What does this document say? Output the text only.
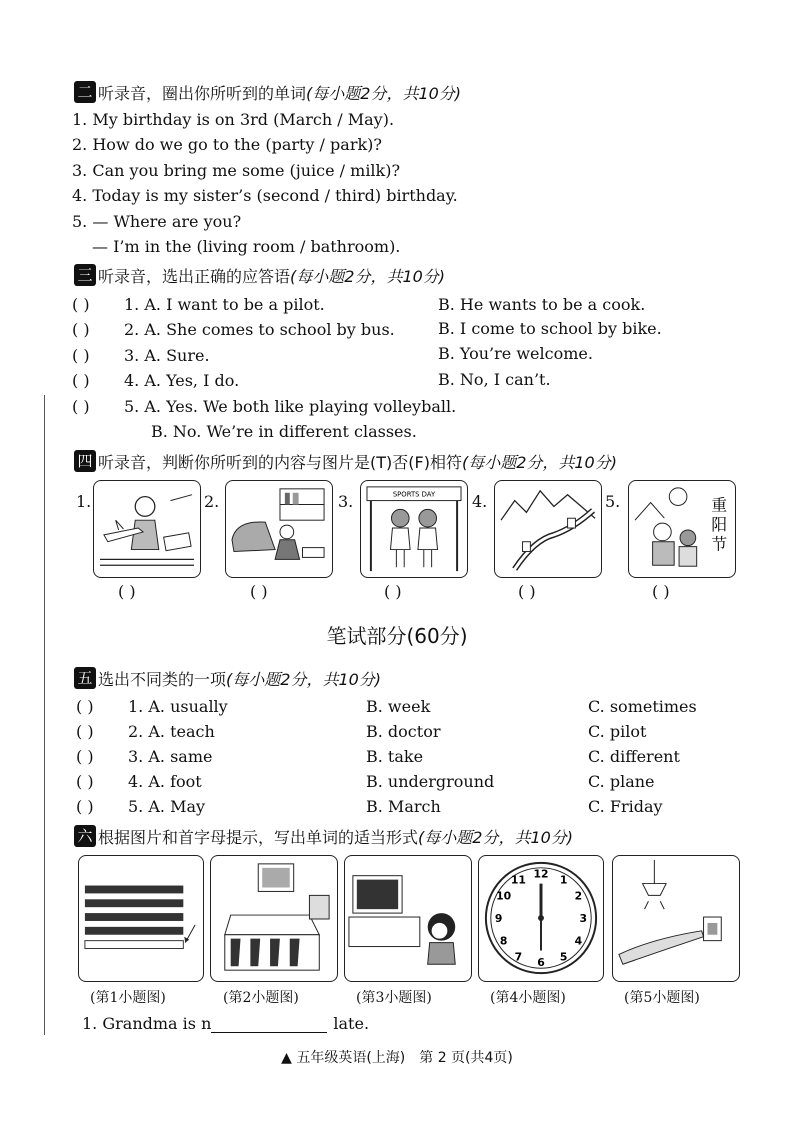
二 听录音，圈出你所听到的单词 (每小题2分，共10分)
1. My birthday is on 3rd (March / May).
2. How do we go to the (party / park)?
3. Can you bring me some (juice / milk)?
4. Today is my sister’s (second / third) birthday.
5. — Where are you?
— I’m in the (living room / bathroom).
三 听录音，选出正确的应答语 (每小题2分，共10分)
( ) 1. A. I want to be a pilot.	B. He wants to be a cook.
( ) 2. A. She comes to school by bus.	B. I come to school by bike.
( ) 3. A. Sure.	B. You’re welcome.
( ) 4. A. Yes, I do.	B. No, I can’t.
( ) 5. A. Yes. We both like playing volleyball.
B. No. We’re in different classes.
四 听录音，判断你所听到的内容与图片是(T)否(F)相符 (每小题2分，共10分)
1.	2.	3.	SPORTS DAY 4.	5.	重
阳
节
( )	( )	( )	( )	( )
笔试部分(60分)
五 选出不同类的一项 (每小题2分，共10分)
( ) 1. A. usually	B. week	C. sometimes
( ) 2. A. teach	B. doctor	C. pilot
( ) 3. A. same	B. take	C. different
( ) 4. A. foot	B. underground	C. plane
( ) 5. A. May	B. March	C. Friday
六 根据图片和首字母提示，写出单词的适当形式 (每小题2分，共10分)
12 1
2
3
4
5
6
7
8
9
10
11
(第1小题图)	(第2小题图)	(第3小题图)	(第4小题图)	(第5小题图)
1. Grandma is n	late.
▲ 五年级英语(上海)　第 2 页(共4页)
